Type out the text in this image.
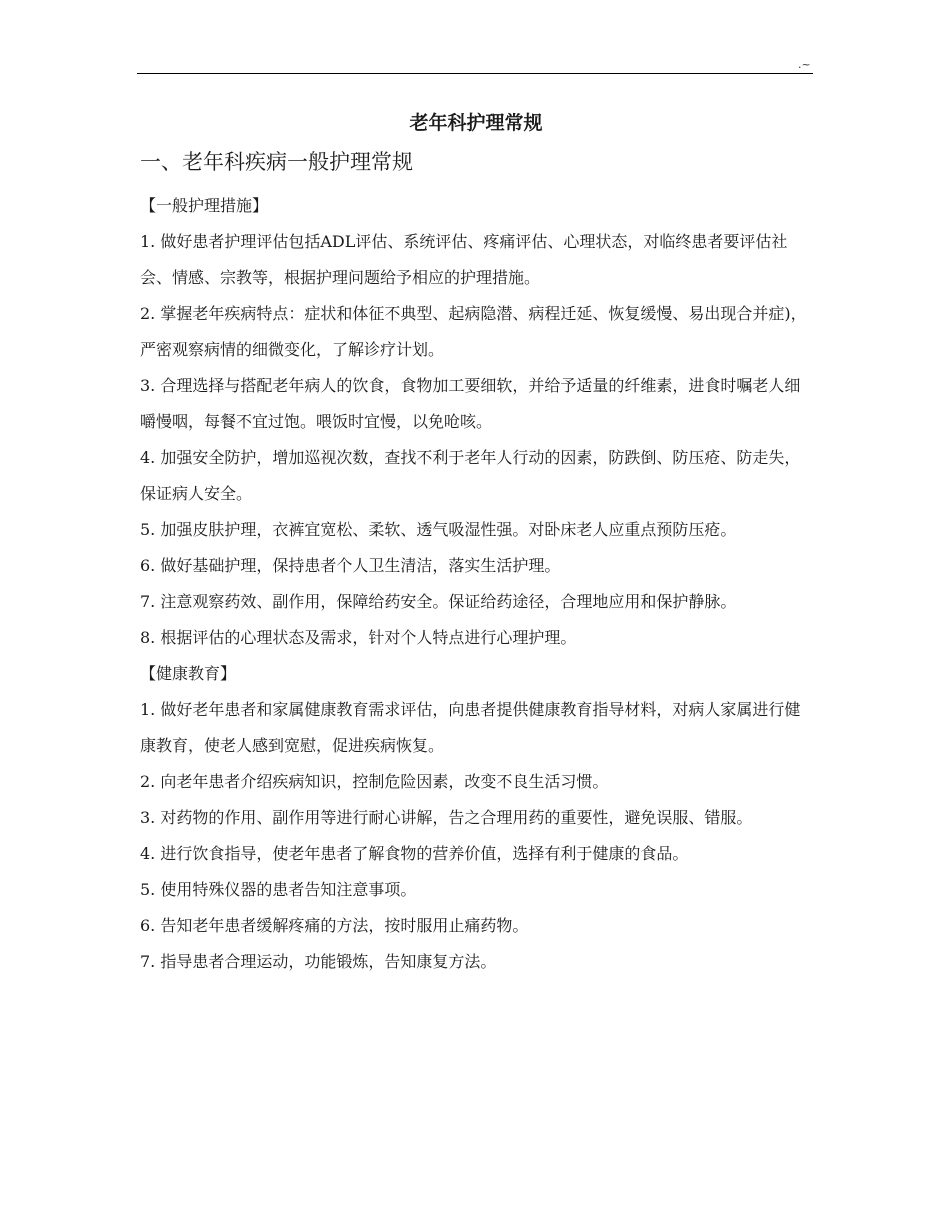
.~
老年科护理常规
一、老年科疾病一般护理常规

【一般护理措施】

1. 做好患者护理评估包括ADL评估、系统评估、疼痛评估、心理状态，对临终患者要评估社会、情感、宗教等，根据护理问题给予相应的护理措施。

2. 掌握老年疾病特点：症状和体征不典型、起病隐潜、病程迁延、恢复缓慢、易出现合并症)，严密观察病情的细微变化，了解诊疗计划。

3. 合理选择与搭配老年病人的饮食，食物加工要细软，并给予适量的纤维素，进食时嘱老人细嚼慢咽，每餐不宜过饱。喂饭时宜慢，以免呛咳。

4. 加强安全防护，增加巡视次数，查找不利于老年人行动的因素，防跌倒、防压疮、防走失，保证病人安全。

5. 加强皮肤护理，衣裤宜宽松、柔软、透气吸湿性强。对卧床老人应重点预防压疮。

6. 做好基础护理，保持患者个人卫生清洁，落实生活护理。

7. 注意观察药效、副作用，保障给药安全。保证给药途径，合理地应用和保护静脉。

8. 根据评估的心理状态及需求，针对个人特点进行心理护理。

【健康教育】

1. 做好老年患者和家属健康教育需求评估，向患者提供健康教育指导材料，对病人家属进行健康教育，使老人感到宽慰，促进疾病恢复。

2. 向老年患者介绍疾病知识，控制危险因素，改变不良生活习惯。

3. 对药物的作用、副作用等进行耐心讲解，告之合理用药的重要性，避免误服、错服。

4. 进行饮食指导，使老年患者了解食物的营养价值，选择有利于健康的食品。

5. 使用特殊仪器的患者告知注意事项。

6. 告知老年患者缓解疼痛的方法，按时服用止痛药物。

7. 指导患者合理运动，功能锻炼，告知康复方法。
